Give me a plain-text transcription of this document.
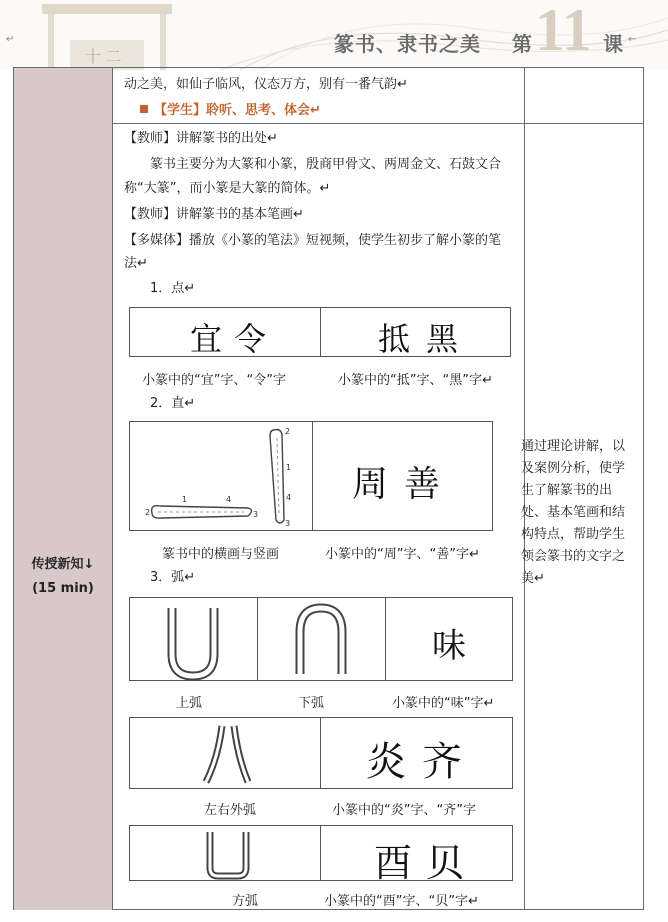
十 二
篆书、隶书之美 第 11 课 ←
↵
传授新知↓
(15 min)
动之美，如仙子临风，仪态万方，别有一番气韵↵
【学生】聆听、思考、体会↵
【教师】讲解篆书的出处↵
篆书主要分为大篆和小篆，殷商甲骨文、两周金文、石鼓文合
称“大篆”，而小篆是大篆的简体。↵
【教师】讲解篆书的基本笔画↵
【多媒体】播放《小篆的笔法》短视频，使学生初步了解小篆的笔
法↵
1．点↵
宜 令	抵 黑
小篆中的“宜”字、“令”字	小篆中的“抵”字、“黑”字↵
2．直↵
2
1	4
3
2
1
4
3
周 善
篆书中的横画与竖画	小篆中的“周”字、“善”字↵
3．弧↵
味
上弧	下弧	小篆中的“味”字↵
炎 齐
左右外弧	小篆中的“炎”字、“齐”字
酉 贝
方弧	小篆中的“酉”字、“贝”字↵
通过理论讲解，以及案例分析，使学生了解篆书的出处、基本笔画和结构特点，帮助学生领会篆书的文字之美↵
